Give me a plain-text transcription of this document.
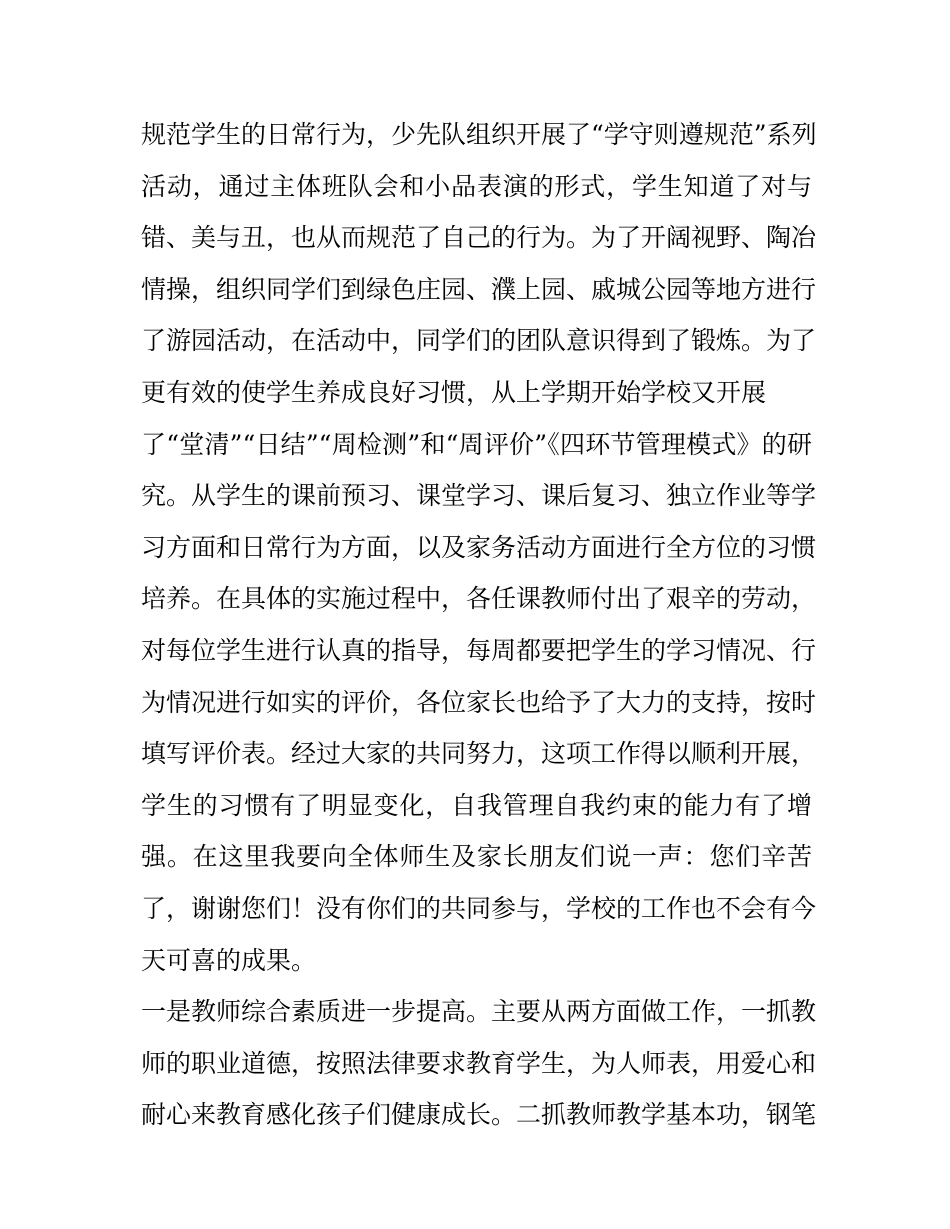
规范学生的日常行为，少先队组织开展了“学守则遵规范”系列
活动，通过主体班队会和小品表演的形式，学生知道了对与
错、美与丑，也从而规范了自己的行为。为了开阔视野、陶冶
情操，组织同学们到绿色庄园、濮上园、戚城公园等地方进行
了游园活动，在活动中，同学们的团队意识得到了锻炼。为了
更有效的使学生养成良好习惯，从上学期开始学校又开展
了“堂清”“日结”“周检测”和“周评价”《四环节管理模式》的研
究。从学生的课前预习、课堂学习、课后复习、独立作业等学
习方面和日常行为方面，以及家务活动方面进行全方位的习惯
培养。在具体的实施过程中，各任课教师付出了艰辛的劳动，
对每位学生进行认真的指导，每周都要把学生的学习情况、行
为情况进行如实的评价，各位家长也给予了大力的支持，按时
填写评价表。经过大家的共同努力，这项工作得以顺利开展，
学生的习惯有了明显变化，自我管理自我约束的能力有了增
强。在这里我要向全体师生及家长朋友们说一声：您们辛苦
了，谢谢您们！没有你们的共同参与，学校的工作也不会有今
天可喜的成果。
一是教师综合素质进一步提高。主要从两方面做工作，一抓教
师的职业道德，按照法律要求教育学生，为人师表，用爱心和
耐心来教育感化孩子们健康成长。二抓教师教学基本功，钢笔
